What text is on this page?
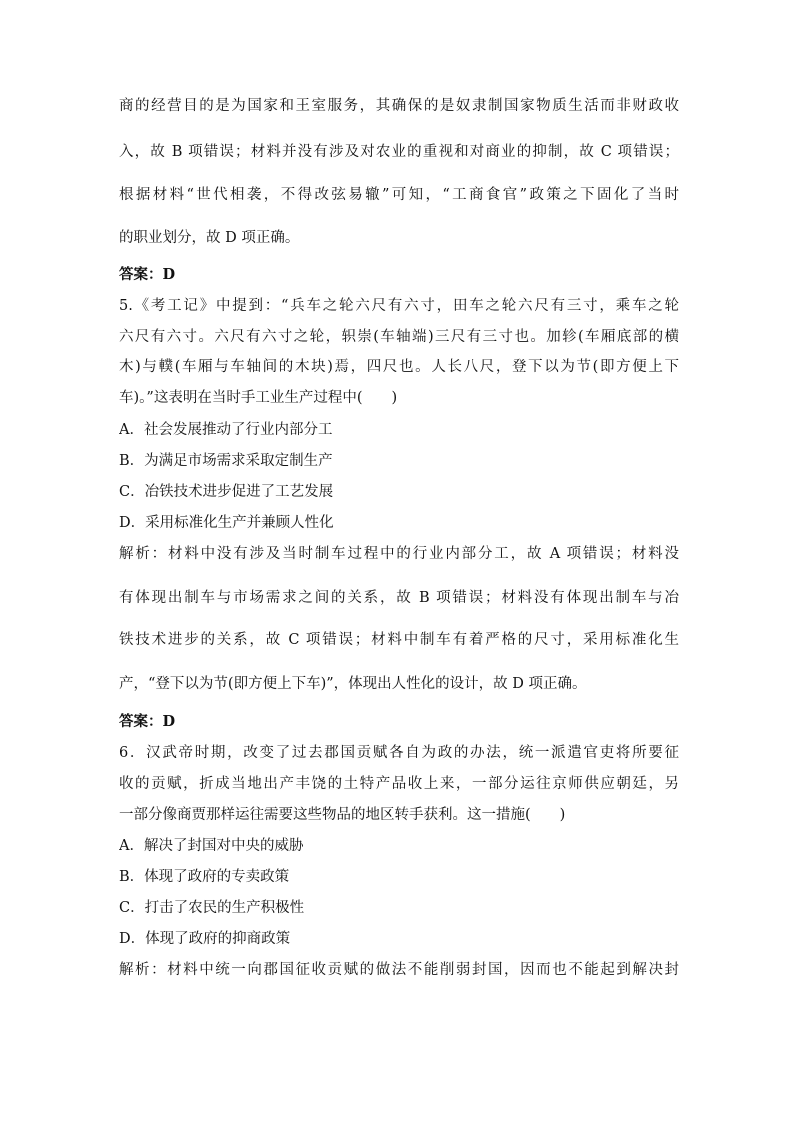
商的经营目的是为国家和王室服务，其确保的是奴隶制国家物质生活而非财政收
入，故 B 项错误；材料并没有涉及对农业的重视和对商业的抑制，故 C 项错误；
根据材料“世代相袭，不得改弦易辙”可知，“工商食官”政策之下固化了当时
的职业划分，故 D 项正确。
答案：D
5.《考工记》中提到：“兵车之轮六尺有六寸，田车之轮六尺有三寸，乘车之轮
六尺有六寸。六尺有六寸之轮，轵崇(车轴端)三尺有三寸也。加轸(车厢底部的横
木)与轐(车厢与车轴间的木块)焉，四尺也。人长八尺，登下以为节(即方便上下
车)。”这表明在当时手工业生产过程中(　　)
A．社会发展推动了行业内部分工
B．为满足市场需求采取定制生产
C．冶铁技术进步促进了工艺发展
D．采用标准化生产并兼顾人性化
解析：材料中没有涉及当时制车过程中的行业内部分工，故 A 项错误；材料没
有体现出制车与市场需求之间的关系，故 B 项错误；材料没有体现出制车与冶
铁技术进步的关系，故 C 项错误；材料中制车有着严格的尺寸，采用标准化生
产，“登下以为节(即方便上下车)”，体现出人性化的设计，故 D 项正确。
答案：D
6．汉武帝时期，改变了过去郡国贡赋各自为政的办法，统一派遣官吏将所要征
收的贡赋，折成当地出产丰饶的土特产品收上来，一部分运往京师供应朝廷，另
一部分像商贾那样运往需要这些物品的地区转手获利。这一措施(　　)
A．解决了封国对中央的威胁
B．体现了政府的专卖政策
C．打击了农民的生产积极性
D．体现了政府的抑商政策
解析：材料中统一向郡国征收贡赋的做法不能削弱封国，因而也不能起到解决封
